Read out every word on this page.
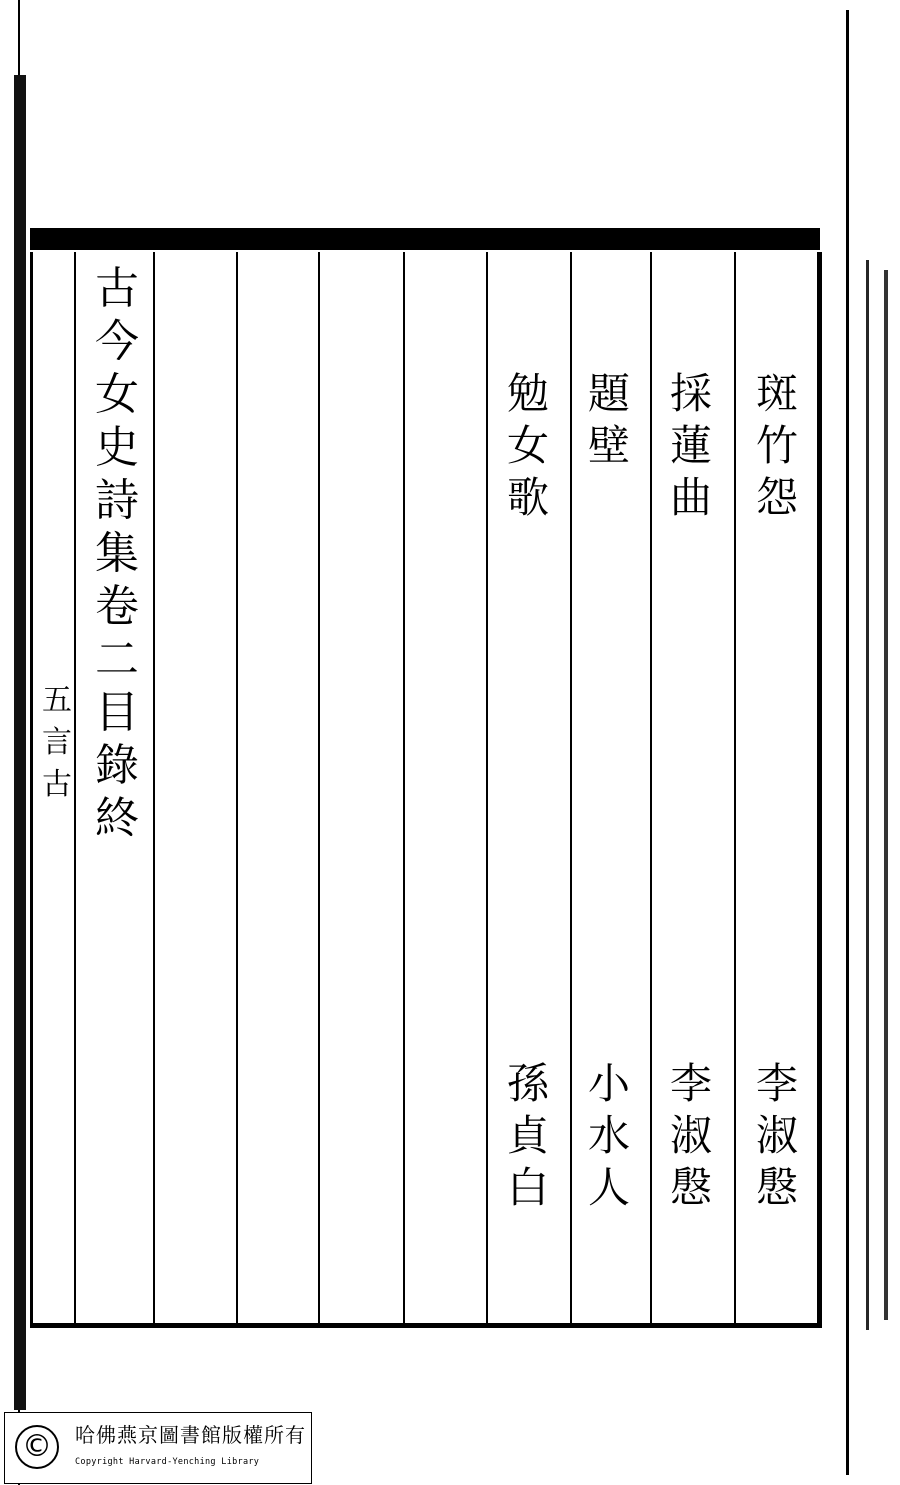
五言古
斑
竹
怨
採
蓮
曲
題
壁
勉
女
歌
李
淑
慇
李
淑
慇
小
水
人
孫
貞
白
古
今
女
史
詩
集
卷
二
目
錄
終
©	哈佛燕京圖書館版權所有
Copyright Harvard-Yenching Library
